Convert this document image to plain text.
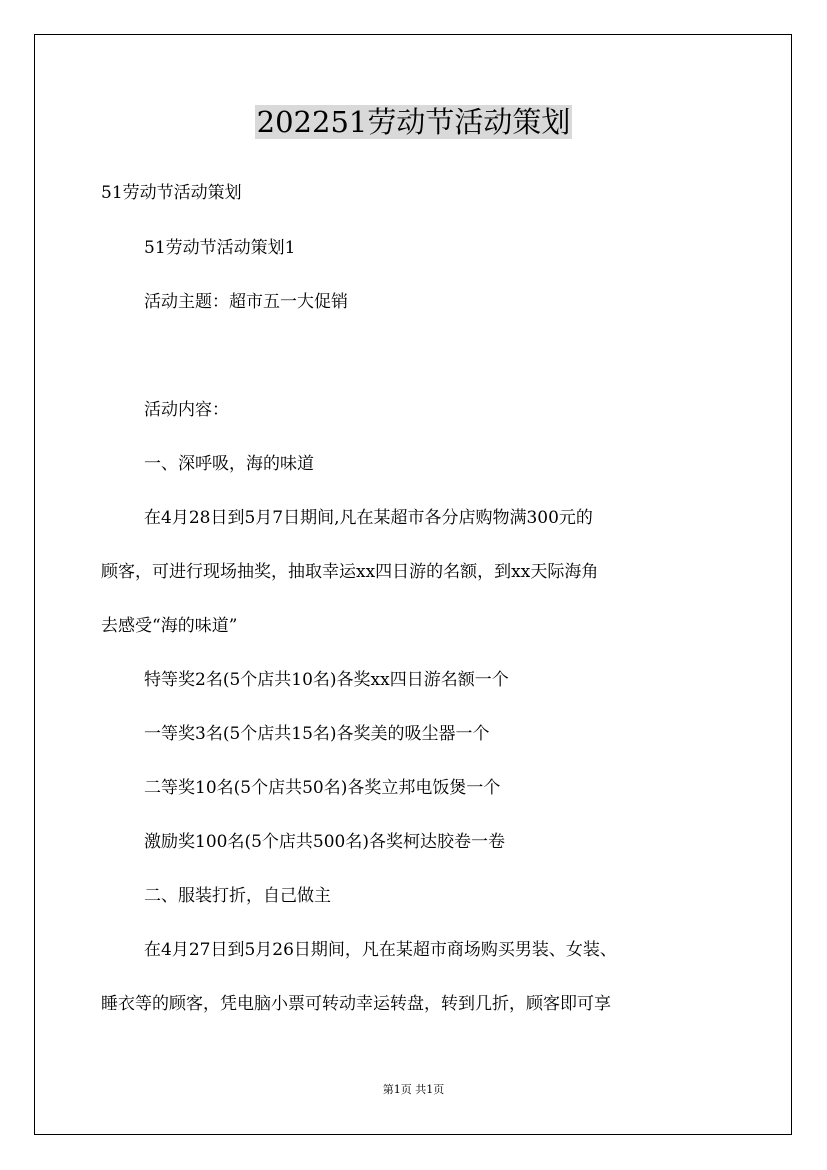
202251劳动节活动策划
51劳动节活动策划
51劳动节活动策划1
活动主题：超市五一大促销
活动内容：
一、深呼吸，海的味道
在4月28日到5月7日期间,凡在某超市各分店购物满300元的
顾客，可进行现场抽奖，抽取幸运xx四日游的名额，到xx天际海角
去感受“海的味道”
特等奖2名(5个店共10名)各奖xx四日游名额一个
一等奖3名(5个店共15名)各奖美的吸尘器一个
二等奖10名(5个店共50名)各奖立邦电饭煲一个
激励奖100名(5个店共500名)各奖柯达胶卷一卷
二、服装打折，自己做主
在4月27日到5月26日期间，凡在某超市商场购买男装、女装、
睡衣等的顾客，凭电脑小票可转动幸运转盘，转到几折，顾客即可享
第1页 共1页
